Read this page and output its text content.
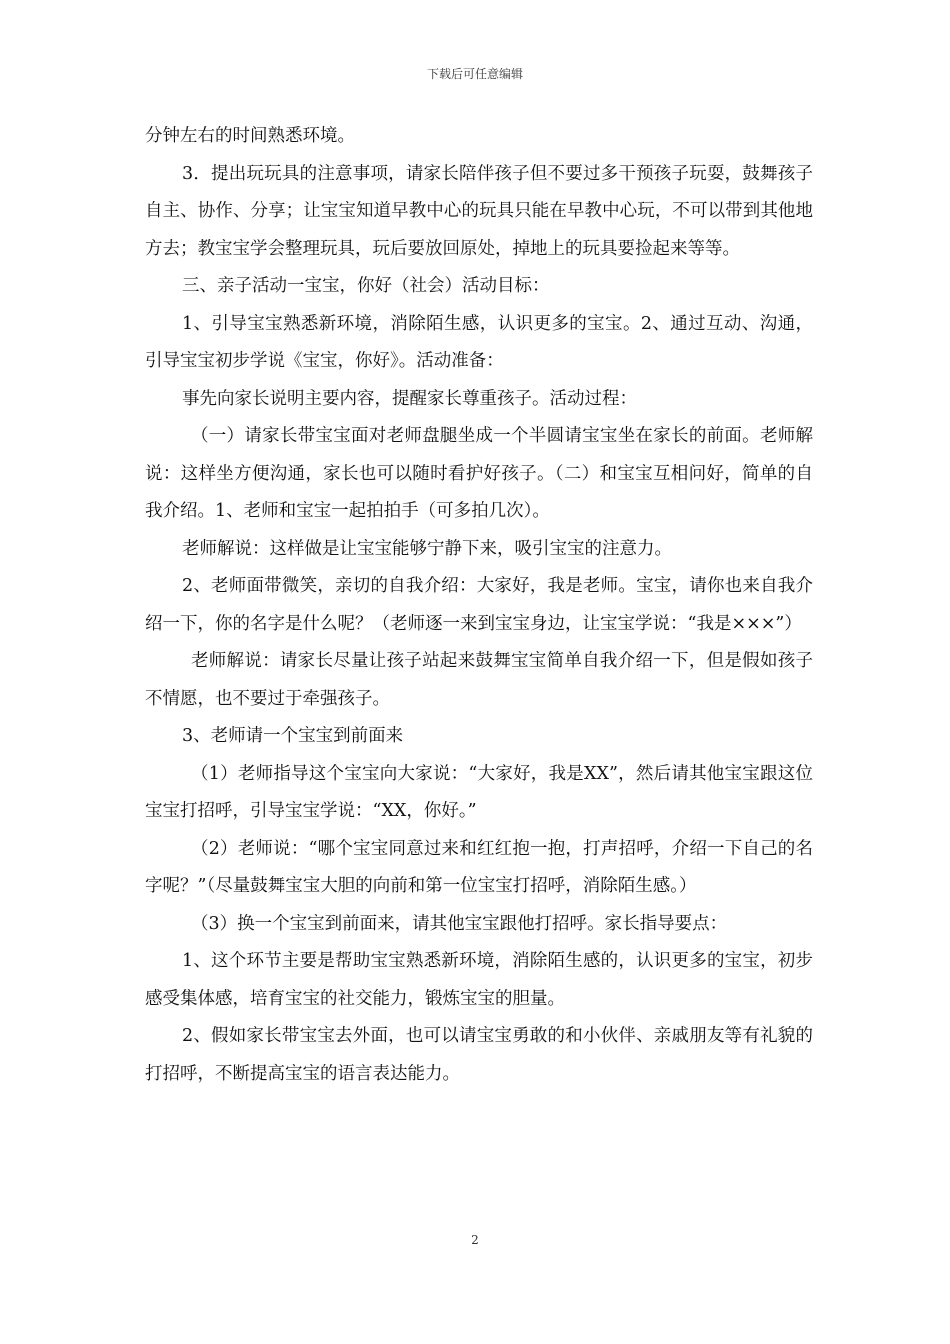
下载后可任意编辑

分钟左右的时间熟悉环境。

3．提出玩玩具的注意事项，请家长陪伴孩子但不要过多干预孩子玩耍，鼓舞孩子自主、协作、分享；让宝宝知道早教中心的玩具只能在早教中心玩，不可以带到其他地方去；教宝宝学会整理玩具，玩后要放回原处，掉地上的玩具要捡起来等等。

三、亲子活动一宝宝，你好（社会）活动目标：

1、引导宝宝熟悉新环境，消除陌生感，认识更多的宝宝。2、通过互动、沟通，引导宝宝初步学说《宝宝，你好》。活动准备：

事先向家长说明主要内容，提醒家长尊重孩子。活动过程：

（一）请家长带宝宝面对老师盘腿坐成一个半圆请宝宝坐在家长的前面。老师解说：这样坐方便沟通，家长也可以随时看护好孩子。（二）和宝宝互相问好，简单的自我介绍。1、老师和宝宝一起拍拍手（可多拍几次）。

老师解说：这样做是让宝宝能够宁静下来，吸引宝宝的注意力。

2、老师面带微笑，亲切的自我介绍：大家好，我是老师。宝宝，请你也来自我介绍一下，你的名字是什么呢？（老师逐一来到宝宝身边，让宝宝学说：“我是×××”）

老师解说：请家长尽量让孩子站起来鼓舞宝宝简单自我介绍一下，但是假如孩子不情愿，也不要过于牵强孩子。

3、老师请一个宝宝到前面来

（1）老师指导这个宝宝向大家说：“大家好，我是XX”，然后请其他宝宝跟这位宝宝打招呼，引导宝宝学说：“XX，你好。”

（2）老师说：“哪个宝宝同意过来和红红抱一抱，打声招呼，介绍一下自己的名字呢？”（尽量鼓舞宝宝大胆的向前和第一位宝宝打招呼，消除陌生感。）

（3）换一个宝宝到前面来，请其他宝宝跟他打招呼。家长指导要点：

1、这个环节主要是帮助宝宝熟悉新环境，消除陌生感的，认识更多的宝宝，初步感受集体感，培育宝宝的社交能力，锻炼宝宝的胆量。

2、假如家长带宝宝去外面，也可以请宝宝勇敢的和小伙伴、亲戚朋友等有礼貌的打招呼，不断提高宝宝的语言表达能力。

2
